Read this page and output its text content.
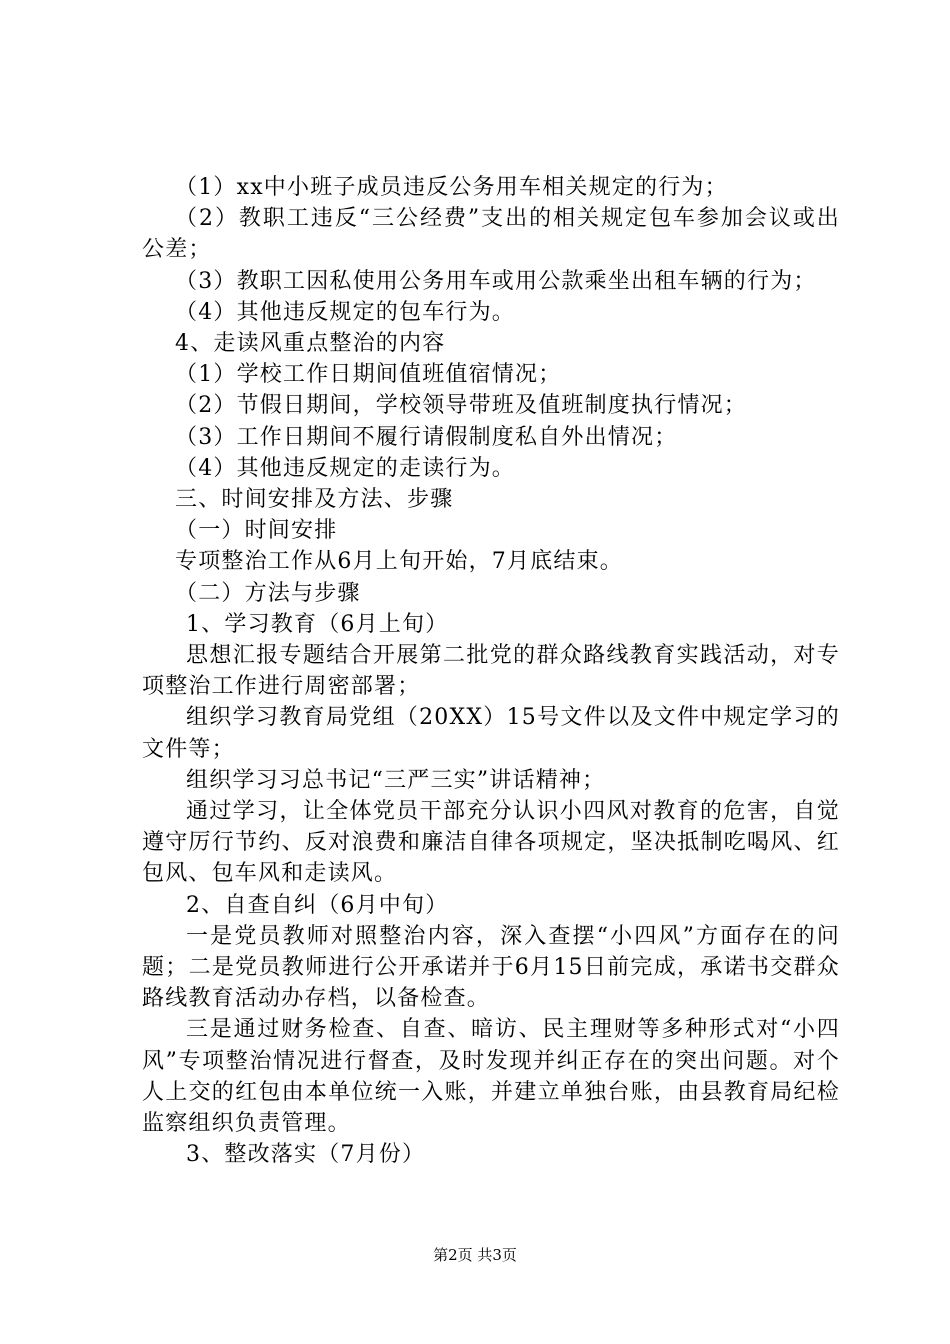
（1）xx中小班子成员违反公务用车相关规定的行为；

（2）教职工违反“三公经费”支出的相关规定包车参加会议或出公差；

（3）教职工因私使用公务用车或用公款乘坐出租车辆的行为；

（4）其他违反规定的包车行为。

4、走读风重点整治的内容

（1）学校工作日期间值班值宿情况；

（2）节假日期间，学校领导带班及值班制度执行情况；

（3）工作日期间不履行请假制度私自外出情况；

（4）其他违反规定的走读行为。

三、时间安排及方法、步骤

（一）时间安排

专项整治工作从6月上旬开始，7月底结束。

（二）方法与步骤

1、学习教育（6月上旬）

思想汇报专题结合开展第二批党的群众路线教育实践活动，对专项整治工作进行周密部署；

组织学习教育局党组（20XX）15号文件以及文件中规定学习的文件等；

组织学习习总书记“三严三实”讲话精神；

通过学习，让全体党员干部充分认识小四风对教育的危害，自觉遵守厉行节约、反对浪费和廉洁自律各项规定，坚决抵制吃喝风、红包风、包车风和走读风。

2、自查自纠（6月中旬）

一是党员教师对照整治内容，深入查摆“小四风”方面存在的问题；二是党员教师进行公开承诺并于6月15日前完成，承诺书交群众路线教育活动办存档，以备检查。

三是通过财务检查、自查、暗访、民主理财等多种形式对“小四风”专项整治情况进行督查，及时发现并纠正存在的突出问题。对个人上交的红包由本单位统一入账，并建立单独台账，由县教育局纪检监察组织负责管理。

3、整改落实（7月份）

第2页 共3页
